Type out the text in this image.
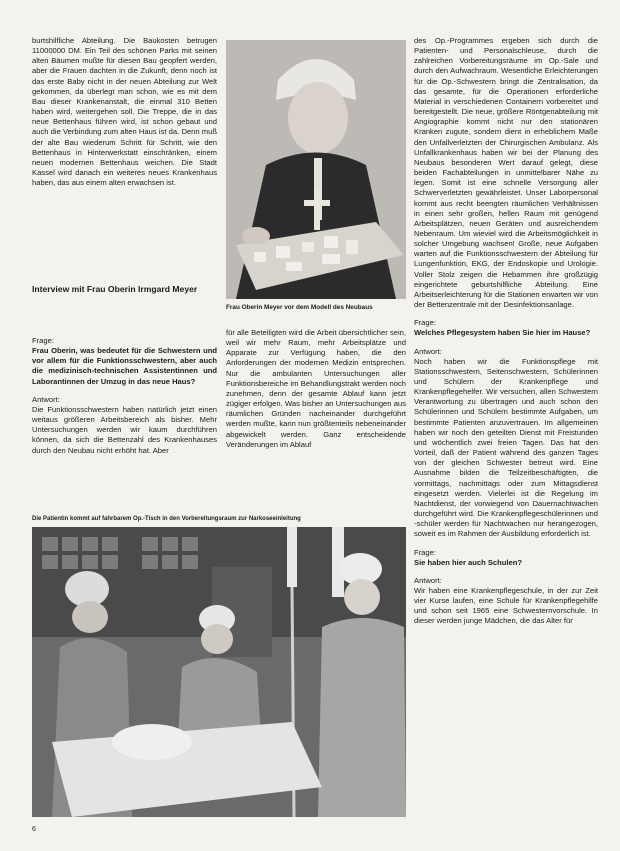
burtshilfliche Abteilung. Die Baukosten betrugen 11000000 DM. Ein Teil des schönen Parks mit seinen alten Bäumen mußte für diesen Bau geopfert werden, aber die Frauen dachten in die Zukunft, denn noch ist das erste Baby nicht in der neuen Abteilung zur Welt gekommen, da überlegt man schon, wie es mit dem Bau dieser Krankenanstalt, die einmal 310 Betten haben wird, weitergehen soll. Die Treppe, die in das neue Bettenhaus führen wird, ist schon gebaut und auch die Verbindung zum alten Haus ist da. Denn muß der alte Bau wiederum Schritt für Schritt, wie den Bettenhaus in Hinterwerkstatt einschränken, einem neuen modernen Bettenhaus weichen. Die Stadt Kassel wird danach ein weiteres neues Krankenhaus haben, das aus einem alten erwachsen ist.

Frau Oberin Meyer vor dem Modell des Neubaus
Interview mit Frau Oberin Irmgard Meyer

Frage:

Frau Oberin, was bedeutet für die Schwestern und vor allem für die Funktionsschwestern, aber auch die medizinisch-technischen Assistentinnen und Laborantinnen der Umzug in das neue Haus?

Antwort:

Die Funktionsschwestern haben natürlich jetzt einen weitaus größeren Arbeitsbereich als bisher. Mehr Untersuchungen werden wir kaum durchführen können, da sich die Bettenzahl des Krankenhauses durch den Neubau nicht erhöht hat. Aber

für alle Beteiligten wird die Arbeit übersichtlicher sein, weil wir mehr Raum, mehr Arbeitsplätze und Apparate zur Verfügung haben, die den Anforderungen der modernen Medizin entsprechen. Nur die ambulanten Untersuchungen aller Funktionsbereiche im Behandlungstrakt werden noch zunehmen, denn der gesamte Ablauf kann jetzt zügiger erfolgen. Was bisher an Untersuchungen aus räumlichen Gründen nacheinander durchgeführt werden mußte, kann nun größtenteils nebeneinander abgewickelt werden. Ganz entscheidende Veränderungen im Ablauf

des Op.-Programmes ergeben sich durch die Patienten- und Personalschleuse, durch die zahlreichen Vorbereitungsräume im Op.-Sale und durch den Aufwachraum. Wesentliche Erleichterungen für die Op.-Schwestern bringt die Zentralisation, da das gesamte, für die Operationen erforderliche Material in verschiedenen Containern vorbereitet und bereitgestellt. Die neue, größere Röntgenabteilung mit Angiographie kommt nicht nur den stationären Kranken zugute, sondern dient in erheblichem Maße den Unfallverletzten der Chirurgischen Ambulanz. Als Unfallkrankenhaus haben wir bei der Planung des Neubaus besonderen Wert darauf gelegt, diese beiden Fachabteilungen in unmittelbarer Nähe zu legen. Somit ist eine schnelle Versorgung aller Schwerverletzten gewährleistet. Unser Laborpersonal kommt aus recht beengten räumlichen Verhältnissen in einen sehr großen, hellen Raum mit genügend Arbeitsplätzen, neuen Geräten und ausreichendem Nebenraum. Um wieviel wird die Arbeitsmöglichkeit in solcher Umgebung wachsen! Große, neue Aufgaben warten auf die Funktionsschwestern der Abteilung für Lungenfunktion, EKG, der Endoskopie und Urologie. Voller Stolz zeigen die Hebammen ihre großzügig eingerichtete geburtshilfliche Abteilung. Eine Arbeitserleichterung für die Stationen erwarten wir von der Bettenzentrale mit der Desinfektionsanlage.

Frage:

Welches Pflegesystem haben Sie hier im Hause?

Antwort:

Noch haben wir die Funktionspflege mit Stationsschwestern, Seitenschwestern, Schülerinnen und Schülern der Krankenpflege und Krankenpflegehelfer. Wir versuchen, allen Schwestern Verantwortung zu übertragen und auch schon den Schülerinnen und Schülern bestimmte Aufgaben, um bestimmte Patienten anzuvertrauen. Im allgemeinen haben wir noch den geteilten Dienst mit Freistunden und wöchentlich zwei freien Tagen. Das hat den Vorteil, daß der Patient während des ganzen Tages von der gleichen Schwester betreut wird. Eine Ausnahme bilden die Teilzeitbeschäftigten, die vormittags, nachmittags oder zum Mittagsdienst eingesetzt werden. Vielerlei ist die Regelung im Nachtdienst, der vorwiegend von Dauernachtwachen durchgeführt wird. Die Krankenpflegeschülerinnen und -schüler werden für Nachtwachen nur herangezogen, soweit es im Rahmen der Ausbildung erforderlich ist.

Frage:

Sie haben hier auch Schulen?

Antwort:

Wir haben eine Krankenpflegeschule, in der zur Zeit vier Kurse laufen, eine Schule für Krankenpflegehilfe und schon seit 1965 eine Schwesternvorschule. In dieser werden junge Mädchen, die das Alter für

Die Patientin kommt auf fahrbarem Op.-Tisch in den Vorbereitungsraum zur Narkoseeinleitung
6
